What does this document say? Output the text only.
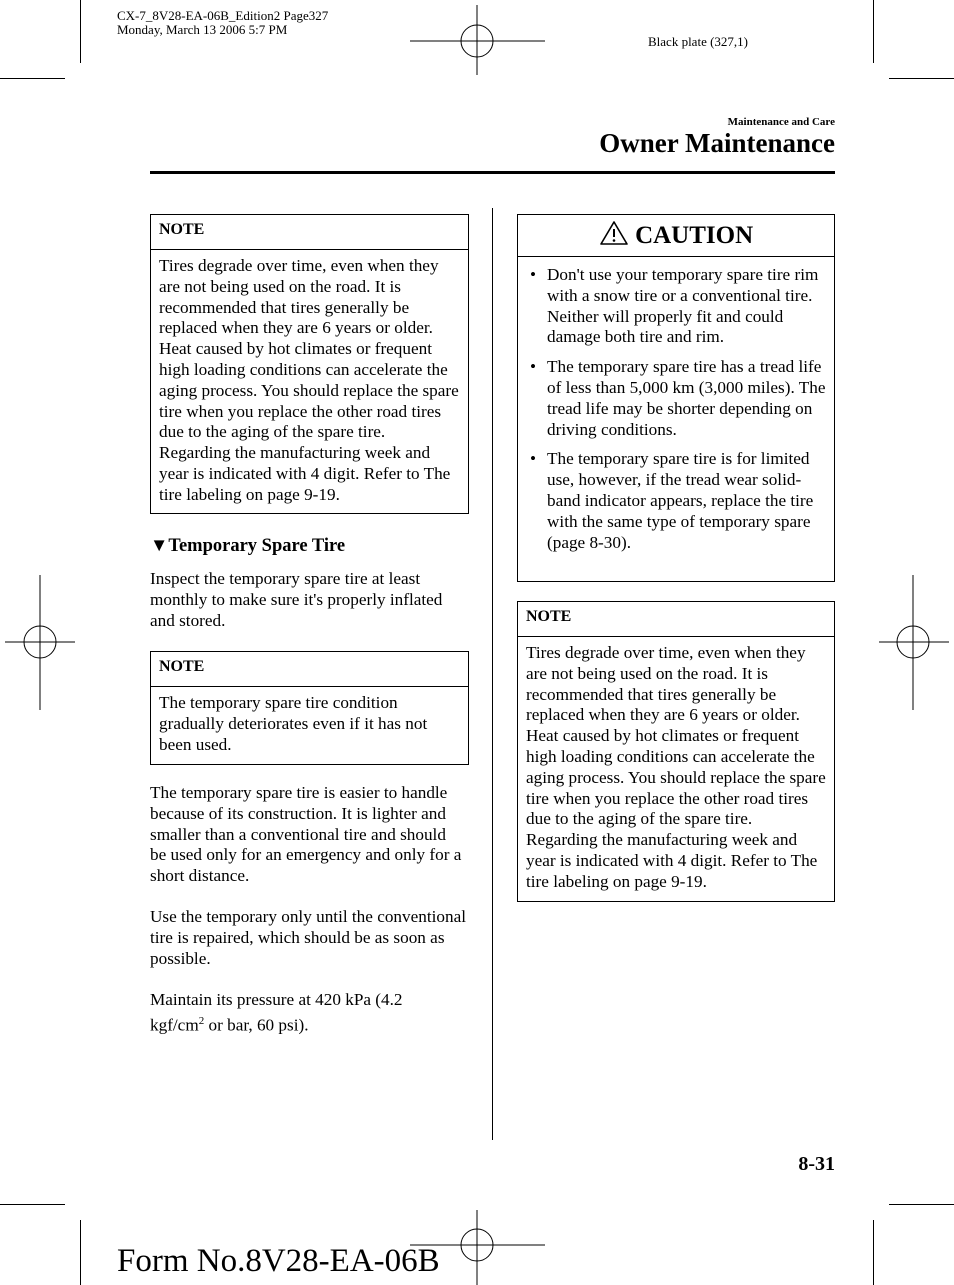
CX-7_8V28-EA-06B_Edition2 Page327
Monday, March 13 2006 5:7 PM
Black plate (327,1)
Maintenance and Care
Owner Maintenance
NOTE
Tires degrade over time, even when they are not being used on the road. It is recommended that tires generally be replaced when they are 6 years or older. Heat caused by hot climates or frequent high loading conditions can accelerate the aging process. You should replace the spare tire when you replace the other road tires due to the aging of the spare tire. Regarding the manufacturing week and year is indicated with 4 digit. Refer to The tire labeling on page 9-19.
▼Temporary Spare Tire
Inspect the temporary spare tire at least monthly to make sure it's properly inflated and stored.
NOTE
The temporary spare tire condition gradually deteriorates even if it has not been used.
The temporary spare tire is easier to handle because of its construction. It is lighter and smaller than a conventional tire and should be used only for an emergency and only for a short distance.
Use the temporary only until the conventional tire is repaired, which should be as soon as possible.
Maintain its pressure at 420 kPa (4.2 kgf/$cm^2$ or bar, 60 psi).
CAUTION
• Don't use your temporary spare tire rim with a snow tire or a conventional tire. Neither will properly fit and could damage both tire and rim.
• The temporary spare tire has a tread life of less than 5,000 km (3,000 miles). The tread life may be shorter depending on driving conditions.
• The temporary spare tire is for limited use, however, if the tread wear solid-band indicator appears, replace the tire with the same type of temporary spare (page 8-30).
NOTE
Tires degrade over time, even when they are not being used on the road. It is recommended that tires generally be replaced when they are 6 years or older. Heat caused by hot climates or frequent high loading conditions can accelerate the aging process. You should replace the spare tire when you replace the other road tires due to the aging of the spare tire. Regarding the manufacturing week and year is indicated with 4 digit. Refer to The tire labeling on page 9-19.
8-31
Form No.8V28-EA-06B
